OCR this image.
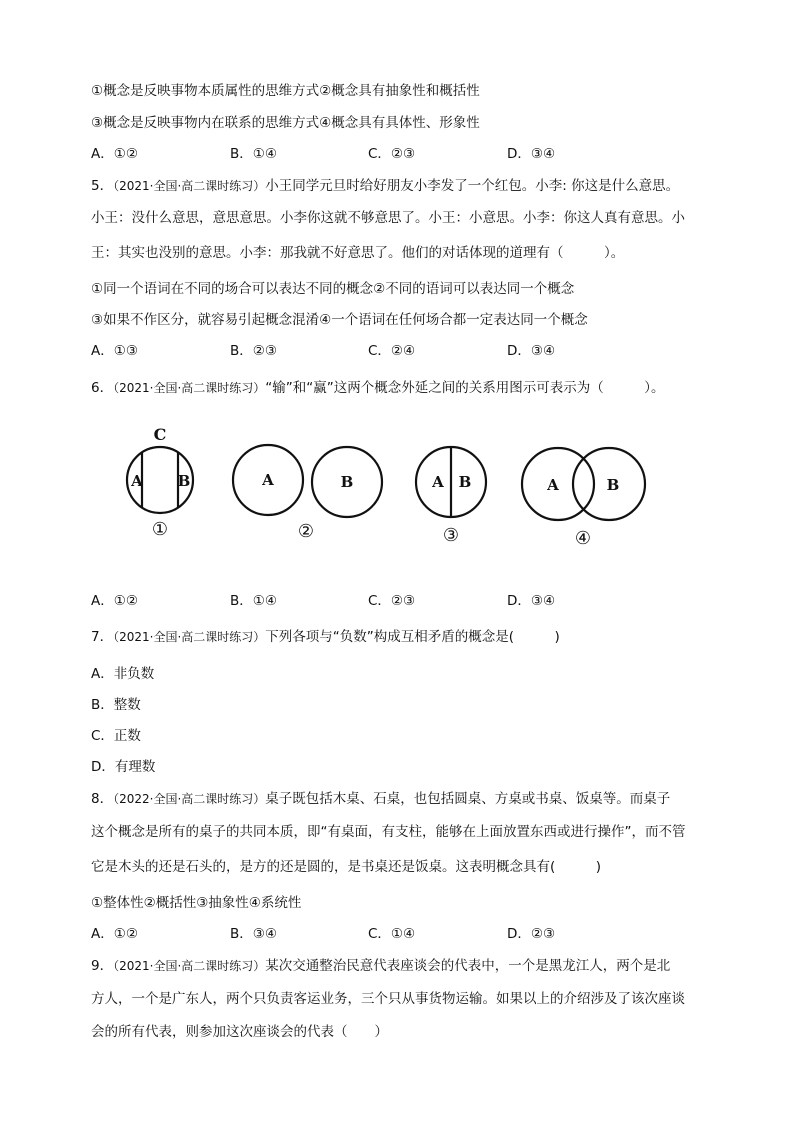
①概念是反映事物本质属性的思维方式②概念具有抽象性和概括性
③概念是反映事物内在联系的思维方式④概念具有具体性、形象性
A．①②	B．①④	C．②③	D．③④
5．（2021·全国·高二课时练习）小王同学元旦时给好朋友小李发了一个红包。小李: 你这是什么意思。
小王：没什么意思，意思意思。小李你这就不够意思了。小王：小意思。小李：你这人真有意思。小
王：其实也没别的意思。小李：那我就不好意思了。他们的对话体现的道理有（　　　）。
①同一个语词在不同的场合可以表达不同的概念②不同的语词可以表达同一个概念
③如果不作区分，就容易引起概念混淆④一个语词在任何场合都一定表达同一个概念
A．①③	B．②③	C．②④	D．③④
6．（2021·全国·高二课时练习）“输”和“赢”这两个概念外延之间的关系用图示可表示为（　　　）。
C
A B	A	B	A B	A	B
①	②	③	④
A．①②	B．①④	C．②③	D．③④
7．（2021·全国·高二课时练习）下列各项与“负数”构成互相矛盾的概念是(　　　)
A．非负数
B．整数
C．正数
D．有理数
8．（2022·全国·高二课时练习）桌子既包括木桌、石桌，也包括圆桌、方桌或书桌、饭桌等。而桌子
这个概念是所有的桌子的共同本质，即“有桌面，有支柱，能够在上面放置东西或进行操作”，而不管
它是木头的还是石头的，是方的还是圆的，是书桌还是饭桌。这表明概念具有(　　　)
①整体性②概括性③抽象性④系统性
A．①②	B．③④	C．①④	D．②③
9．（2021·全国·高二课时练习）某次交通整治民意代表座谈会的代表中，一个是黑龙江人，两个是北
方人，一个是广东人，两个只负责客运业务，三个只从事货物运输。如果以上的介绍涉及了该次座谈
会的所有代表，则参加这次座谈会的代表（　　）
